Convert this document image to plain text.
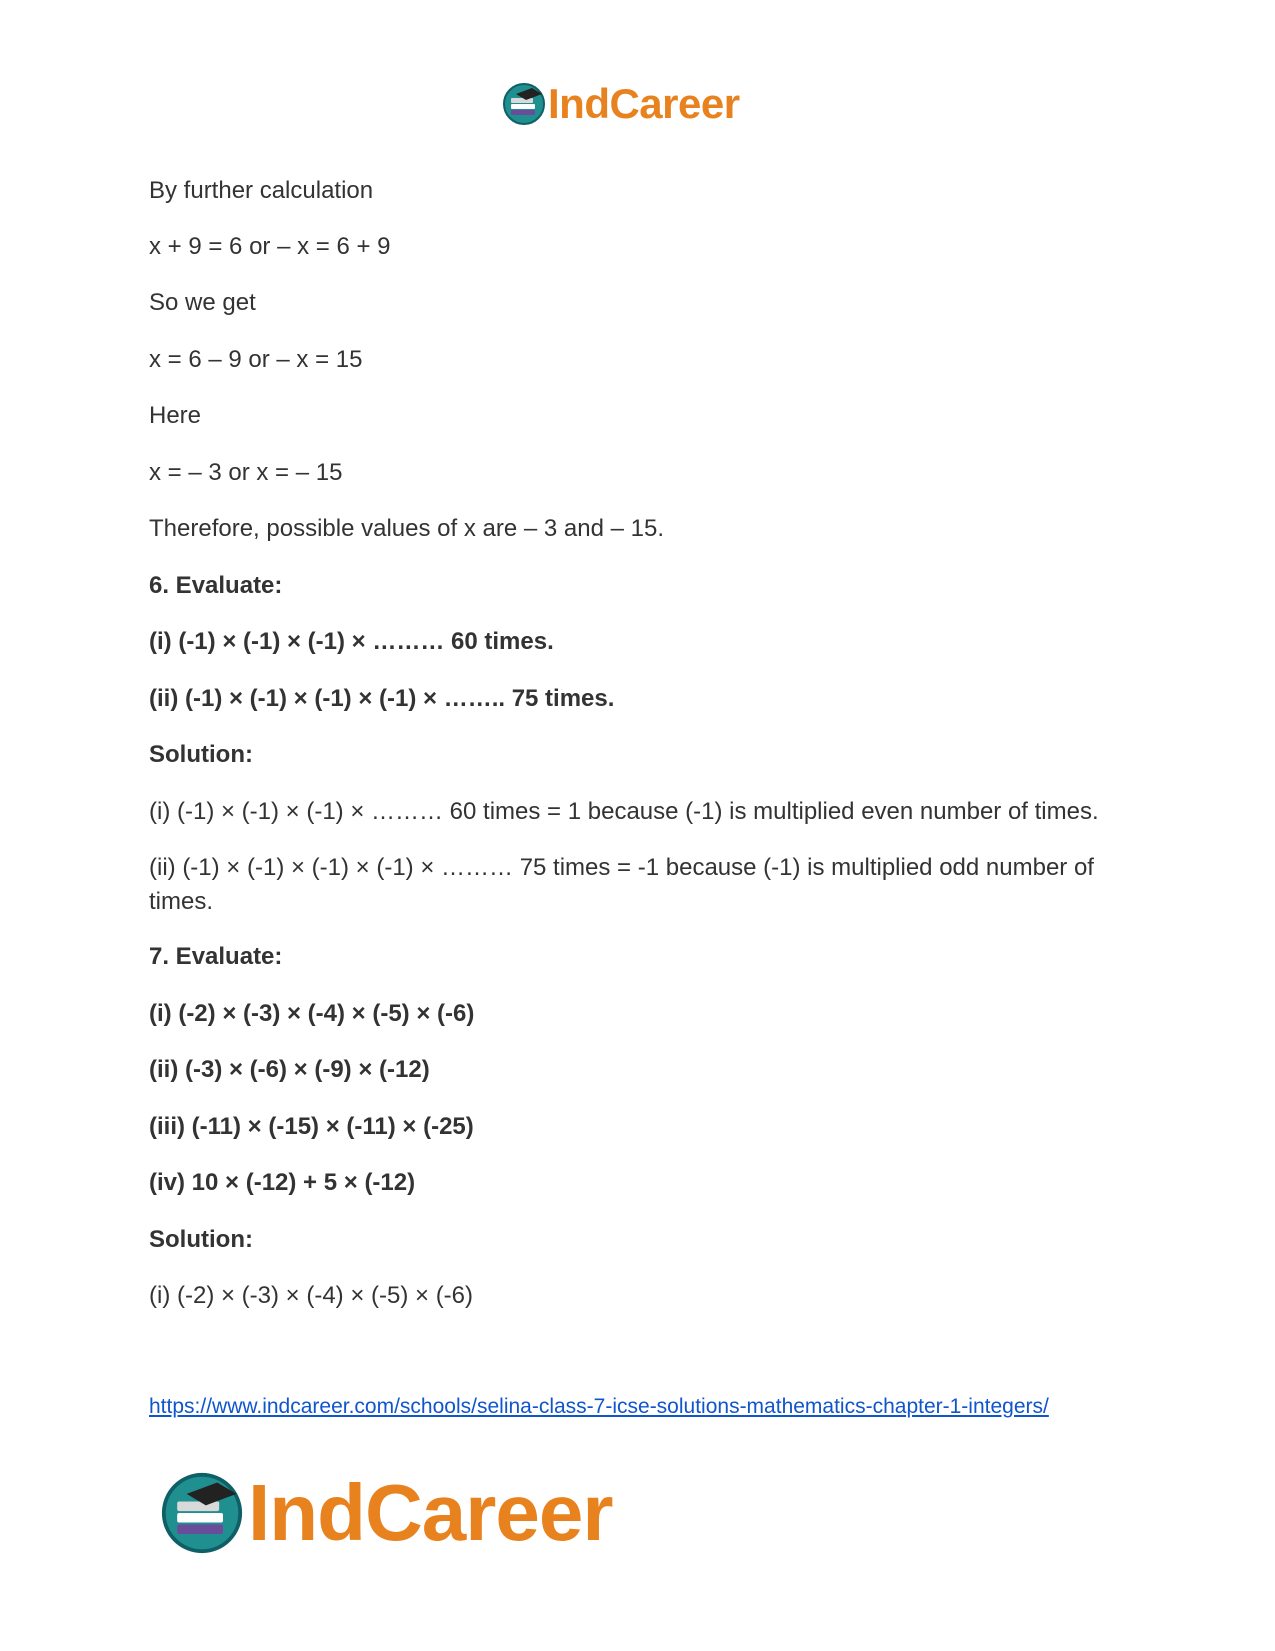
IndCareer

By further calculation

x + 9 = 6 or – x = 6 + 9

So we get

x = 6 – 9 or – x = 15

Here

x = – 3 or x = – 15

Therefore, possible values of x are – 3 and – 15.

6. Evaluate:

(i) (-1) × (-1) × (-1) × ……… 60 times.

(ii) (-1) × (-1) × (-1) × (-1) × …….. 75 times.

Solution:

(i) (-1) × (-1) × (-1) × ……… 60 times = 1 because (-1) is multiplied even number of times.

(ii) (-1) × (-1) × (-1) × (-1) × ……… 75 times = -1 because (-1) is multiplied odd number of times.

7. Evaluate:

(i) (-2) × (-3) × (-4) × (-5) × (-6)

(ii) (-3) × (-6) × (-9) × (-12)

(iii) (-11) × (-15) × (-11) × (-25)

(iv) 10 × (-12) + 5 × (-12)

Solution:

(i) (-2) × (-3) × (-4) × (-5) × (-6)

https://www.indcareer.com/schools/selina-class-7-icse-solutions-mathematics-chapter-1-integers/
IndCareer
